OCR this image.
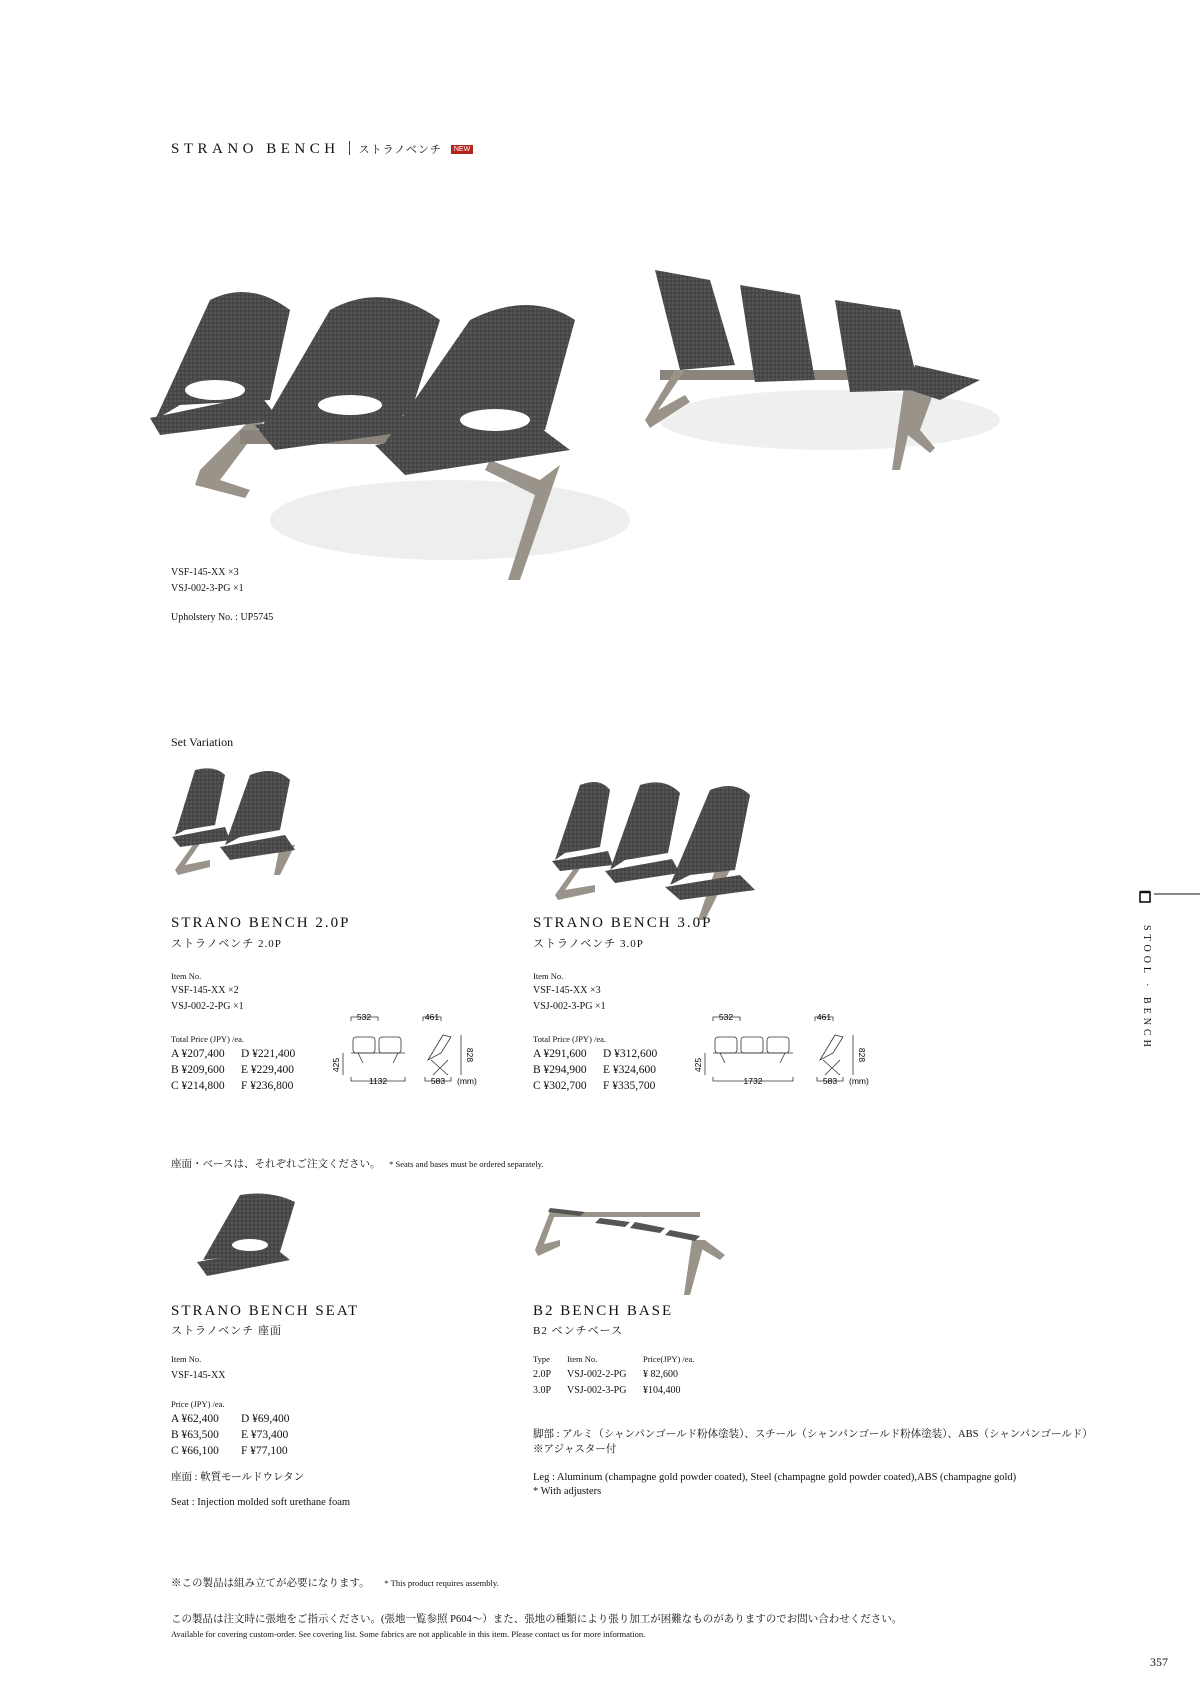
STRANO BENCH ストラノベンチ NEW
VSF-145-XX ×3
VSJ-002-3-PG ×1
Upholstery No. : UP5745
Set Variation
STRANO BENCH 2.0P
ストラノベンチ 2.0P
Item No.
VSF-145-XX ×2
VSJ-002-2-PG ×1
Total Price (JPY) /ea.
A ¥207,400 D ¥221,400
B ¥209,600 E ¥229,400
C ¥214,800 F ¥236,800
532	461
1132	583 (mm)
828
425
STRANO BENCH 3.0P
ストラノベンチ 3.0P
Item No.
VSF-145-XX ×3
VSJ-002-3-PG ×1
Total Price (JPY) /ea.
A ¥291,600 D ¥312,600
B ¥294,900 E ¥324,600
C ¥302,700 F ¥335,700
532	461
1732	583 (mm)
828
425
座面・ベースは、それぞれご注文ください。 * Seats and bases must be ordered separately.
STRANO BENCH SEAT
ストラノベンチ 座面
Item No.
VSF-145-XX
Price (JPY) /ea.
A ¥62,400 D ¥69,400
B ¥63,500 E ¥73,400
C ¥66,100 F ¥77,100
座面 : 軟質モールドウレタン
Seat : Injection molded soft urethane foam
B2 BENCH BASE
B2 ベンチベース
Type Item No.	Price(JPY) /ea.
2.0P VSJ-002-2-PG ¥ 82,600
3.0P VSJ-002-3-PG ¥104,400
脚部 : アルミ（シャンパンゴールド粉体塗装）、スチール（シャンパンゴールド粉体塗装）、ABS（シャンパンゴールド）
※アジャスター付
Leg : Aluminum (champagne gold powder coated), Steel (champagne gold powder coated),ABS (champagne gold)
* With adjusters
※この製品は組み立てが必要になります。 * This product requires assembly.
この製品は注文時に張地をご指示ください。(張地一覧参照 P604〜）また、張地の種類により張り加工が困難なものがありますのでお問い合わせください。
Available for covering custom-order. See covering list. Some fabrics are not applicable in this item. Please contact us for more information.
STOOL · BENCH
357
